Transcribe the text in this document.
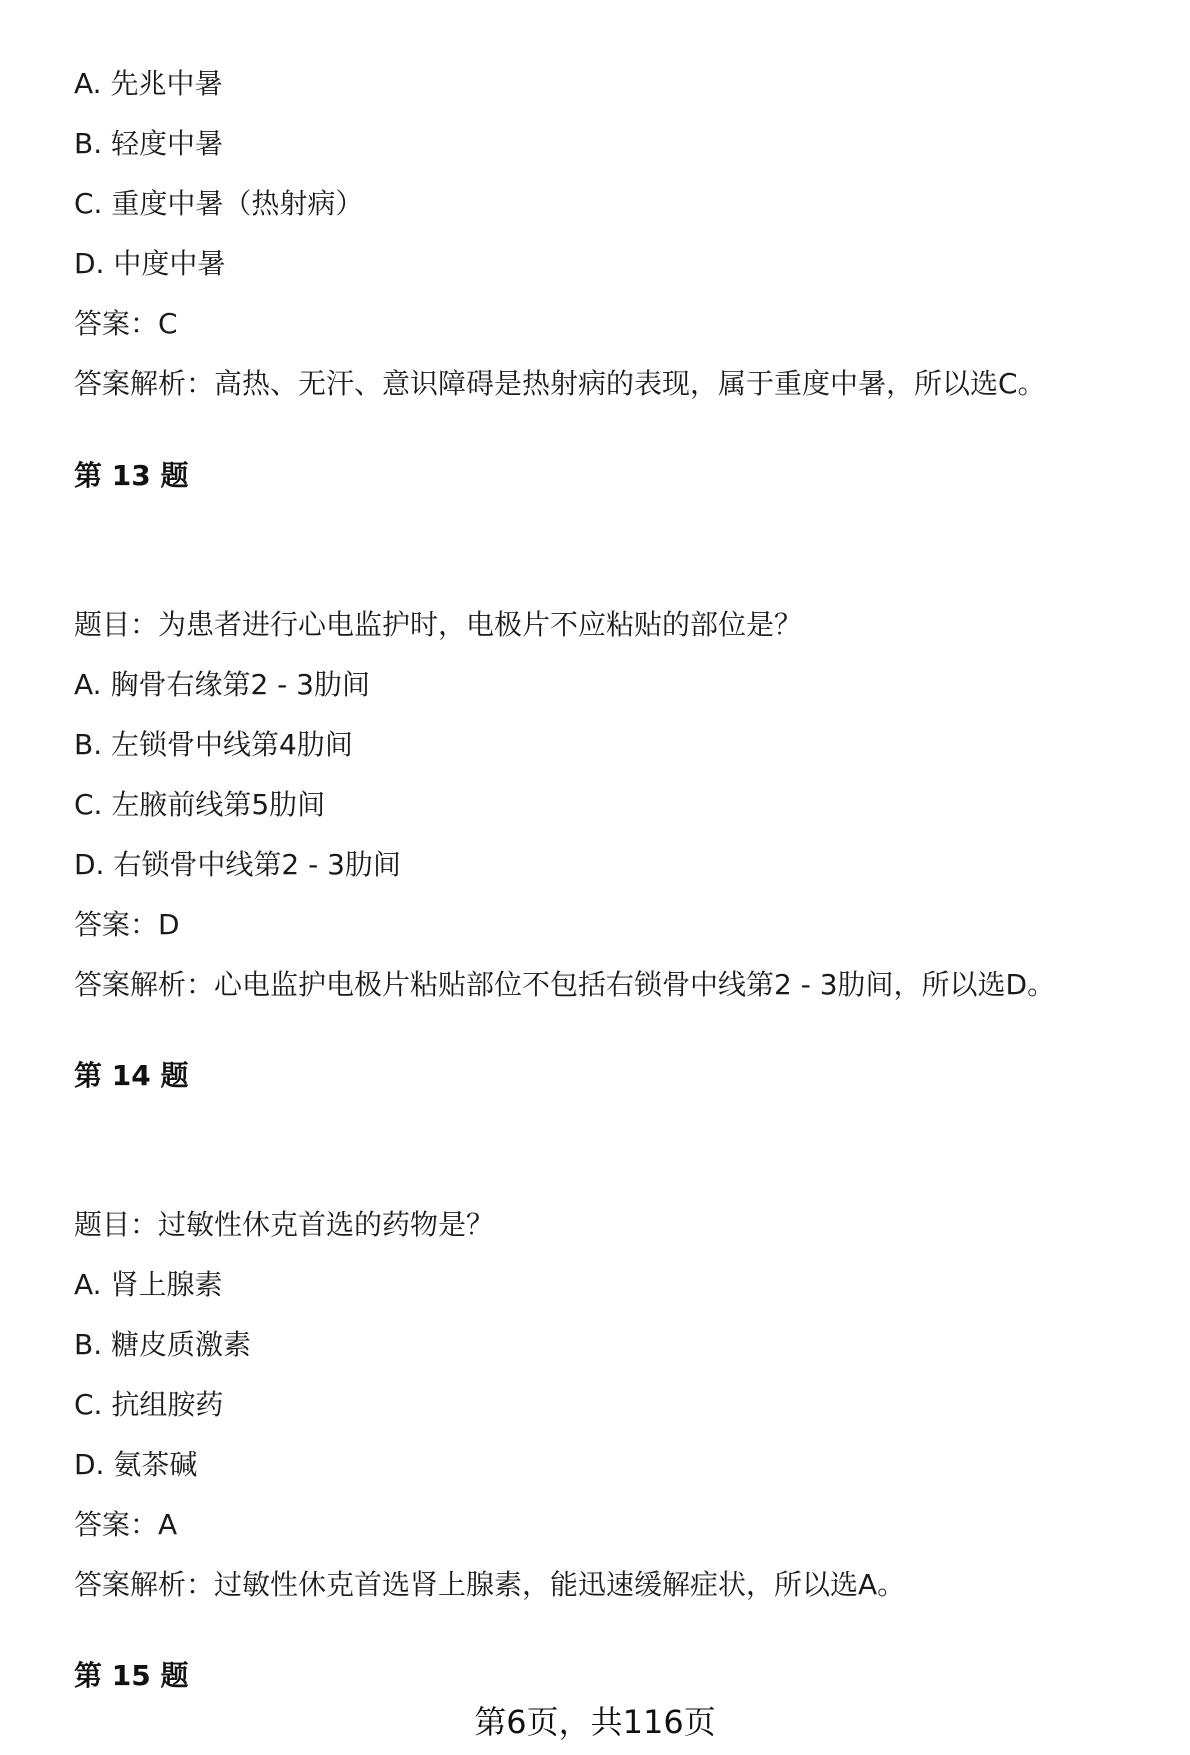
A. 先兆中暑
B. 轻度中暑
C. 重度中暑（热射病）
D. 中度中暑
答案：C
答案解析：高热、无汗、意识障碍是热射病的表现，属于重度中暑，所以选C。
第 13 题
题目：为患者进行心电监护时，电极片不应粘贴的部位是？
A. 胸骨右缘第2 - 3肋间
B. 左锁骨中线第4肋间
C. 左腋前线第5肋间
D. 右锁骨中线第2 - 3肋间
答案：D
答案解析：心电监护电极片粘贴部位不包括右锁骨中线第2 - 3肋间，所以选D。
第 14 题
题目：过敏性休克首选的药物是？
A. 肾上腺素
B. 糖皮质激素
C. 抗组胺药
D. 氨茶碱
答案：A
答案解析：过敏性休克首选肾上腺素，能迅速缓解症状，所以选A。
第 15 题
第6页，共116页
